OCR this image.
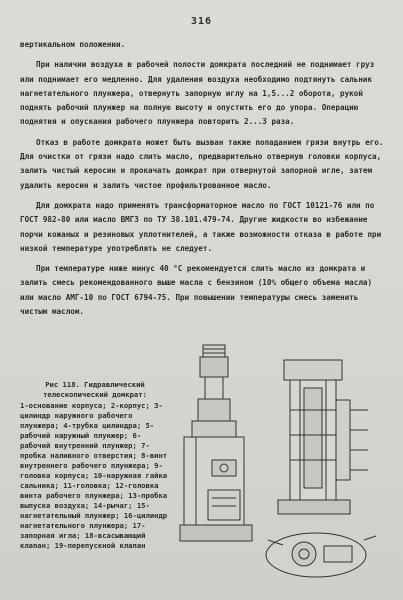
316

вертикальном положении.

При наличии воздуха в рабочей полости домкрата последний не поднимает груз или поднимает его медленно. Для удаления воздуха необходимо подтянуть сальник нагнетательного плунжера, отвернуть запорную иглу на 1,5...2 оборота, рукой поднять рабочий плунжер на полную высоту и опустить его до упора. Операцию поднятия и опускания рабочего плунжера повторить 2...3 раза.

Отказ в работе домкрата может быть вызван также попаданием грязи внутрь его. Для очистки от грязи надо слить масло, предварительно отвернув головки корпуса, залить чистый керосин и прокачать домкрат при отвернутой запорной игле, затем удалить керосин и залить чистое профильтрованное масло.

Для домкрата надо применять трансформаторное масло по ГОСТ 10121-76 или по ГОСТ 982-80 или масло ВМГЗ по ТУ 38.101.479-74. Другие жидкости во избежание порчи кожаных и резиновых уплотнителей, а также возможности отказа в работе при низкой температуре употреблять не следует.

При температуре ниже минус 40 °С рекомендуется слить масло из домкрата и залить смесь рекомендованного выше масла с бензином (10% общего объема масла) или масло АМГ-10 по ГОСТ 6794-75. При повышении температуры смесь заменить чистым маслом.

Рис 118. Гидравлический телескопический домкрат:

1-основание корпуса; 2-корпус; 3-цилиндр наружного рабочего плунжера; 4-трубка цилиндра; 5-рабочий наружный плунжер; 6-рабочий внутренний плунжер; 7-пробка наливного отверстия; 8-винт внутреннего рабочего плунжера; 9-головка корпуса; 10-наружная гайка сальника; 11-головка; 12-головка винта рабочего плунжера; 13-пробка выпуска воздуха; 14-рычаг; 15-нагнетательный плунжер; 16-цилиндр нагнетательного плунжера; 17-запорная игла; 18-всасывающий клапан; 19-перепускной клапан
